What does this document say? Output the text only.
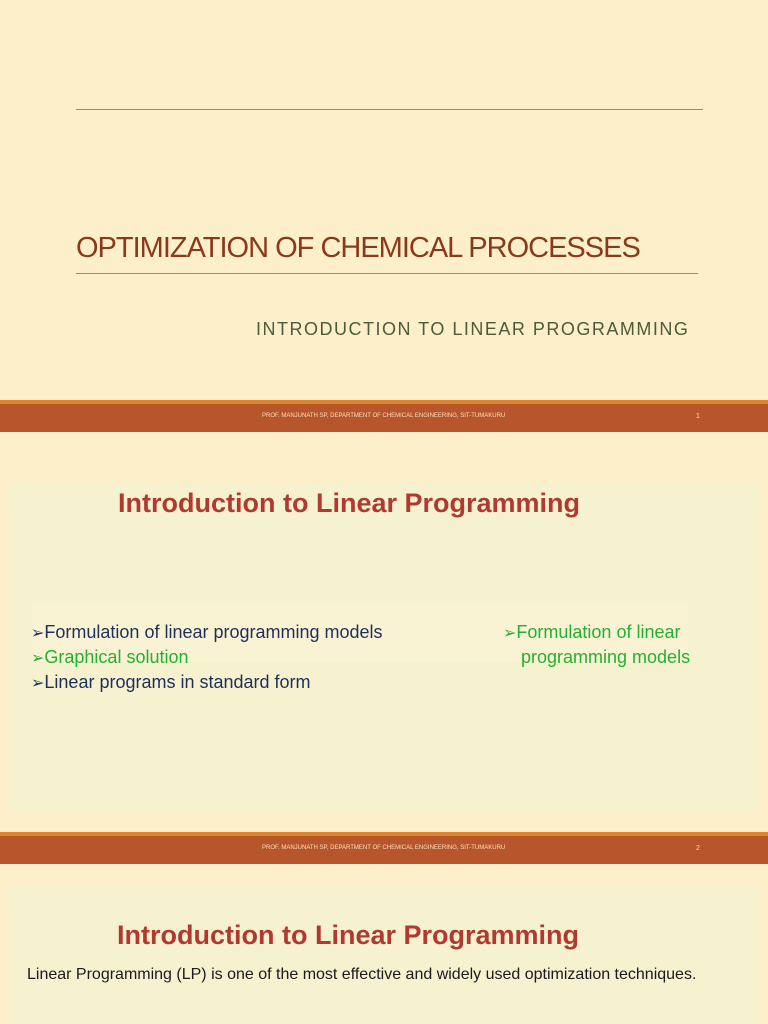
OPTIMIZATION OF CHEMICAL PROCESSES
INTRODUCTION TO LINEAR PROGRAMMING
PROF. MANJUNATH SP, DEPARTMENT OF CHEMICAL ENGINEERING, SIT-TUMAKURU	1
Introduction to Linear Programming
➢Formulation of linear programming models
➢Graphical solution
➢Linear programs in standard form
➢Formulation of linear
programming models
PROF. MANJUNATH SP, DEPARTMENT OF CHEMICAL ENGINEERING, SIT-TUMAKURU	2
Introduction to Linear Programming
Linear Programming (LP) is one of the most effective and widely used optimization techniques.
